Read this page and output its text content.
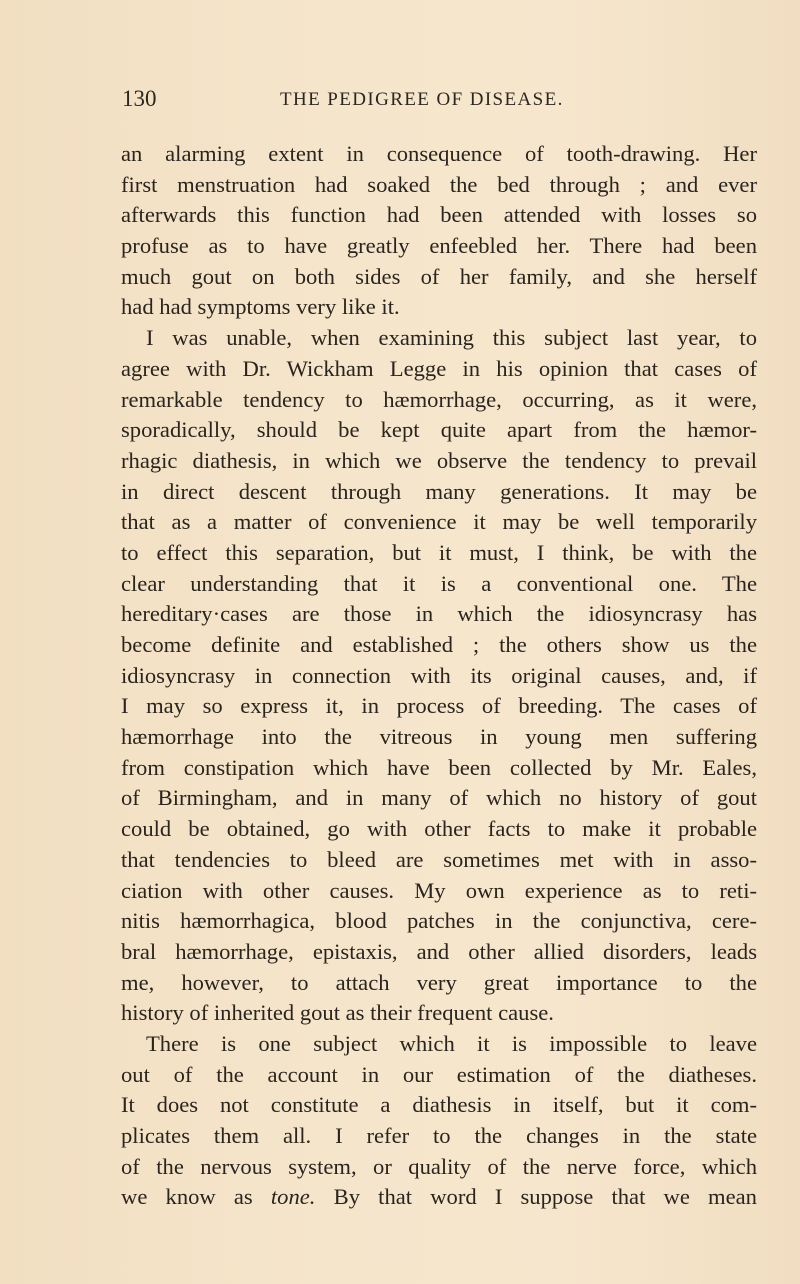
130	THE PEDIGREE OF DISEASE.
an alarming extent in consequence of tooth-drawing. Her
first menstruation had soaked the bed through ; and ever
afterwards this function had been attended with losses so
profuse as to have greatly enfeebled her. There had been
much gout on both sides of her family, and she herself
had had symptoms very like it.
I was unable, when examining this subject last year, to
agree with Dr. Wickham Legge in his opinion that cases of
remarkable tendency to hæmorrhage, occurring, as it were,
sporadically, should be kept quite apart from the hæmor-
rhagic diathesis, in which we observe the tendency to prevail
in direct descent through many generations. It may be
that as a matter of convenience it may be well temporarily
to effect this separation, but it must, I think, be with the
clear understanding that it is a conventional one. The
hereditary·cases are those in which the idiosyncrasy has
become definite and established ; the others show us the
idiosyncrasy in connection with its original causes, and, if
I may so express it, in process of breeding. The cases of
hæmorrhage into the vitreous in young men suffering
from constipation which have been collected by Mr. Eales,
of Birmingham, and in many of which no history of gout
could be obtained, go with other facts to make it probable
that tendencies to bleed are sometimes met with in asso-
ciation with other causes. My own experience as to reti-
nitis hæmorrhagica, blood patches in the conjunctiva, cere-
bral hæmorrhage, epistaxis, and other allied disorders, leads
me, however, to attach very great importance to the
history of inherited gout as their frequent cause.
There is one subject which it is impossible to leave
out of the account in our estimation of the diatheses.
It does not constitute a diathesis in itself, but it com-
plicates them all. I refer to the changes in the state
of the nervous system, or quality of the nerve force, which
we know as tone. By that word I suppose that we mean
